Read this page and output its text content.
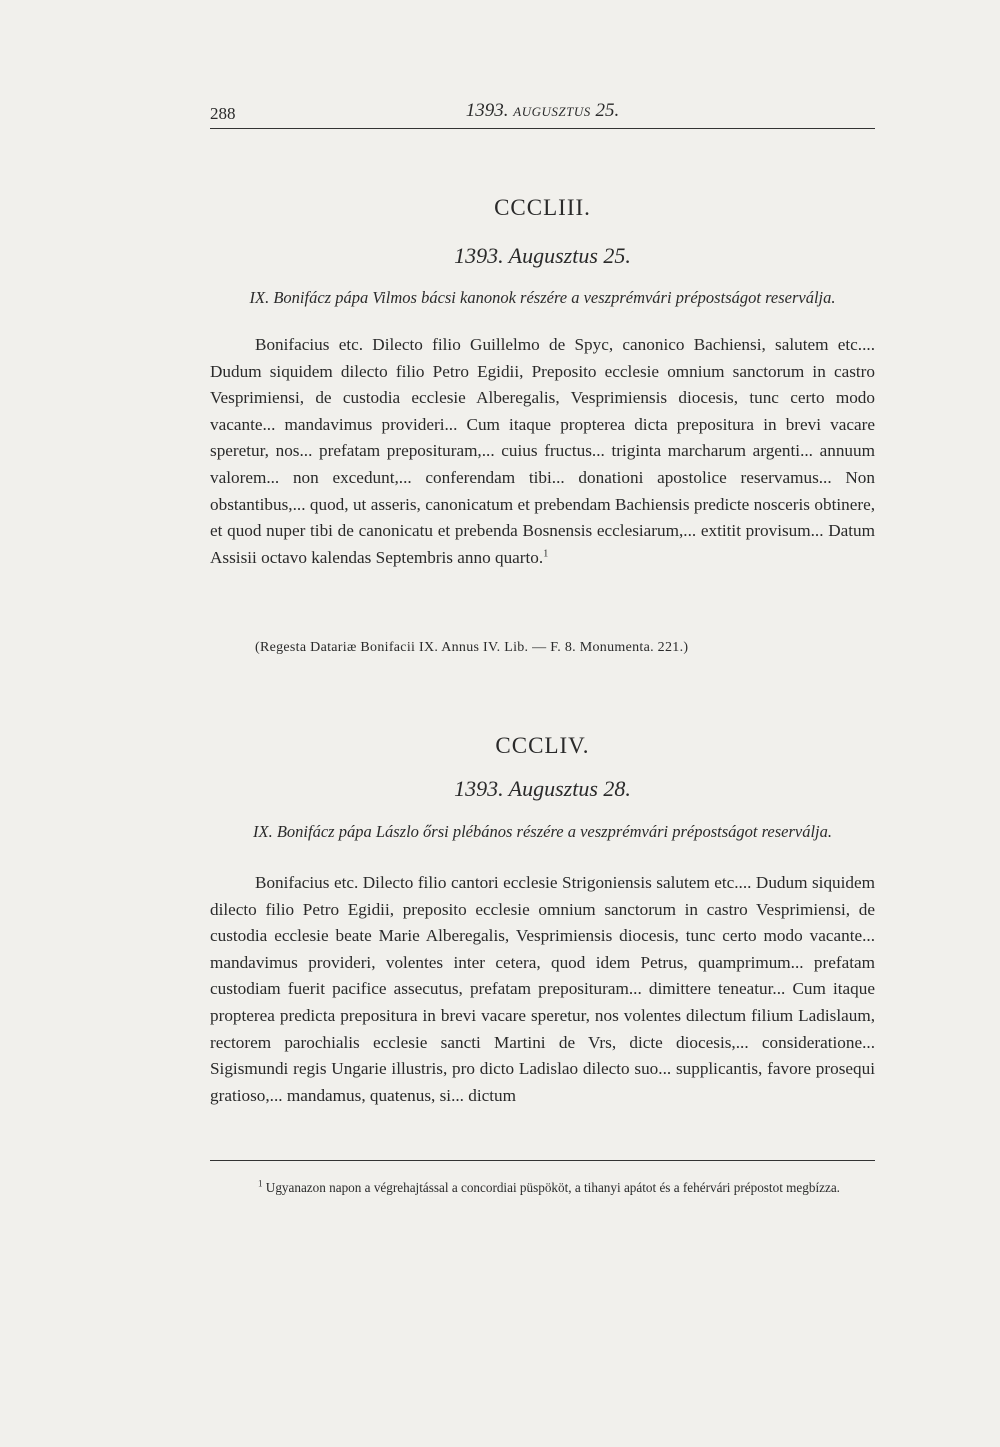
288	1393. AUGUSZTUS 25.
CCCLIII.
1393. Augusztus 25.
IX. Bonifácz pápa Vilmos bácsi kanonok részére a veszprémvári prépostságot reserválja.

Bonifacius etc. Dilecto filio Guillelmo de Spyc, canonico Bachiensi, salutem etc.... Dudum siquidem dilecto filio Petro Egidii, Preposito ecclesie omnium sanctorum in castro Vesprimiensi, de custodia ecclesie Alberegalis, Vesprimiensis diocesis, tunc certo modo vacante... mandavimus provideri... Cum itaque propterea dicta prepositura in brevi vacare speretur, nos... prefatam preposituram,... cuius fructus... triginta marcharum argenti... annuum valorem... non excedunt,... conferendam tibi... donationi apostolice reservamus... Non obstantibus,... quod, ut asseris, canonicatum et prebendam Bachiensis predicte nosceris obtinere, et quod nuper tibi de canonicatu et prebenda Bosnensis ecclesiarum,... extitit provisum... Datum Assisii octavo kalendas Septembris anno quarto.$^1$

(Regesta Datariæ Bonifacii IX. Annus IV. Lib. — F. 8. Monumenta. 221.)
CCCLIV.
1393. Augusztus 28.
IX. Bonifácz pápa Lászlo őrsi plébános részére a veszprémvári prépostságot reserválja.

Bonifacius etc. Dilecto filio cantori ecclesie Strigoniensis salutem etc.... Dudum siquidem dilecto filio Petro Egidii, preposito ecclesie omnium sanctorum in castro Vesprimiensi, de custodia ecclesie beate Marie Alberegalis, Vesprimiensis diocesis, tunc certo modo vacante... mandavimus provideri, volentes inter cetera, quod idem Petrus, quamprimum... prefatam custodiam fuerit pacifice assecutus, prefatam preposituram... dimittere teneatur... Cum itaque propterea predicta prepositura in brevi vacare speretur, nos volentes dilectum filium Ladislaum, rectorem parochialis ecclesie sancti Martini de Vrs, dicte diocesis,... consideratione... Sigismundi regis Ungarie illustris, pro dicto Ladislao dilecto suo... supplicantis, favore prosequi gratioso,... mandamus, quatenus, si... dictum

$^1$ Ugyanazon napon a végrehajtással a concordiai püspököt, a tihanyi apátot és a fehérvári prépostot megbízza.
